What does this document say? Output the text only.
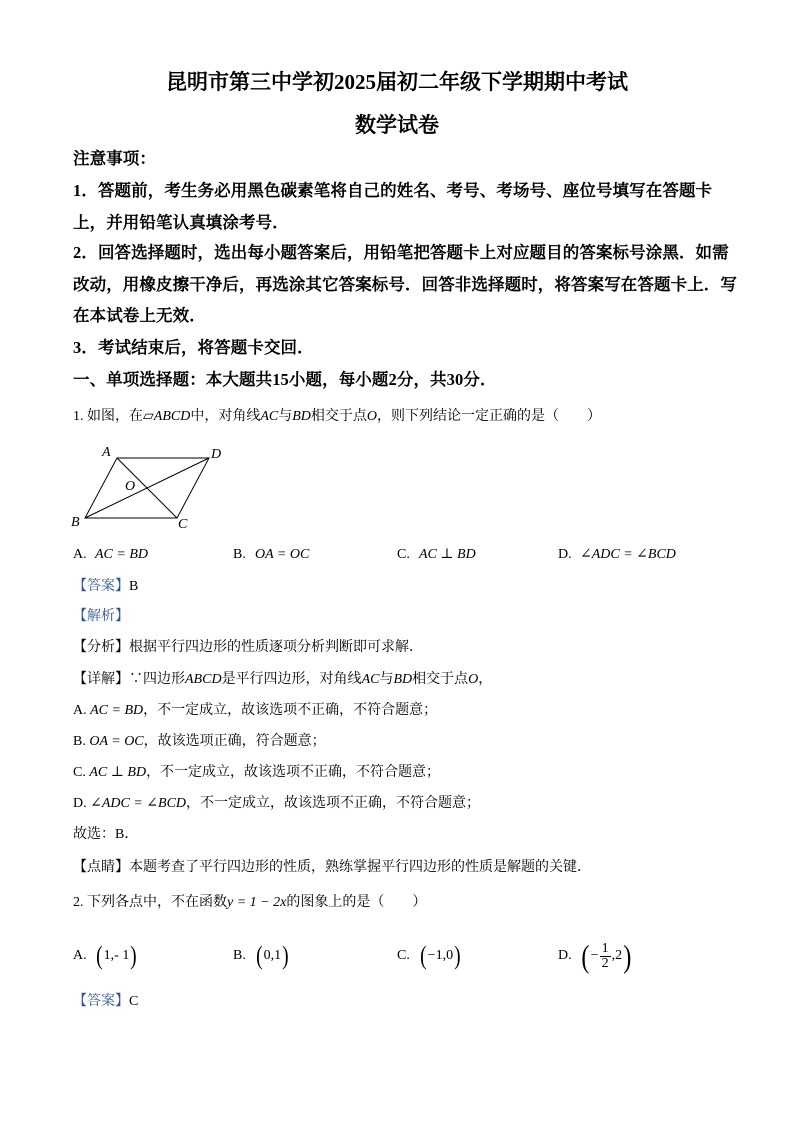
昆明市第三中学初2025届初二年级下学期期中考试
数学试卷
注意事项：
1．答题前，考生务必用黑色碳素笔将自己的姓名、考号、考场号、座位号填写在答题卡
上，并用铅笔认真填涂考号．
2．回答选择题时，选出每小题答案后，用铅笔把答题卡上对应题目的答案标号涂黑．如需
改动，用橡皮擦干净后，再选涂其它答案标号．回答非选择题时，将答案写在答题卡上．写
在本试卷上无效．
3．考试结束后，将答题卡交回．
一、单项选择题：本大题共15小题，每小题2分，共30分．
1. 如图，在▱ABCD中，对角线AC与BD相交于点O，则下列结论一定正确的是（　　）
A	D
B	C
O
A. AC = BD	B. OA = OC	C. AC ⊥ BD	D. ∠ADC = ∠BCD
【答案】B
【解析】
【分析】根据平行四边形的性质逐项分析判断即可求解．
【详解】∵四边形ABCD是平行四边形，对角线AC与BD相交于点O，
A. AC = BD，不一定成立，故该选项不正确，不符合题意；
B. OA = OC，故该选项正确，符合题意；
C. AC ⊥ BD，不一定成立，故该选项不正确，不符合题意；
D. ∠ADC = ∠BCD，不一定成立，故该选项不正确，不符合题意；
故选：B．
【点睛】本题考查了平行四边形的性质，熟练掌握平行四边形的性质是解题的关键．
2. 下列各点中，不在函数y = 1 − 2x的图象上的是（　　）
A. ( 1,- 1 )	B. ( 0,1 )	C. ( −1,0 )	D. ( − $\frac{1}{2} ,2$ )
【答案】C
